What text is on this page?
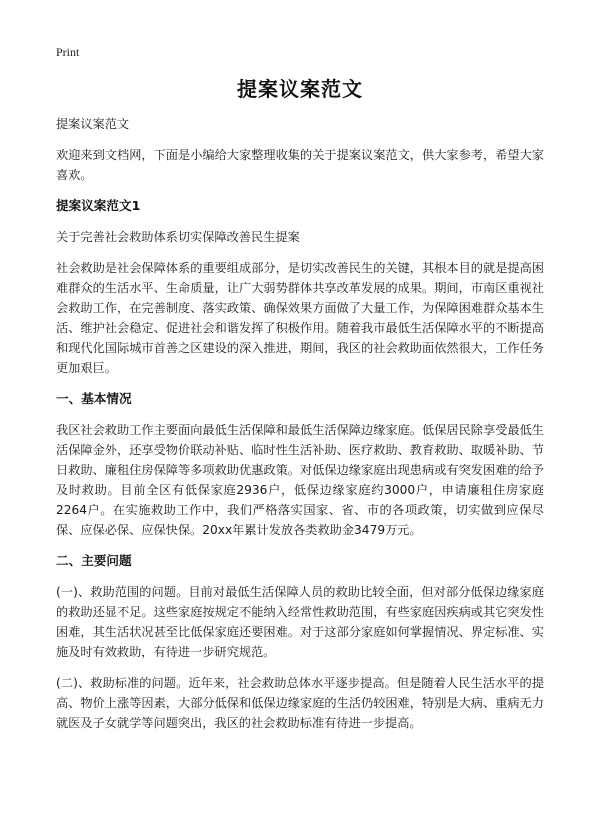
Print
提案议案范文

提案议案范文

欢迎来到文档网，下面是小编给大家整理收集的关于提案议案范文，供大家参考，希望大家喜欢。

提案议案范文1

关于完善社会救助体系切实保障改善民生提案

社会救助是社会保障体系的重要组成部分，是切实改善民生的关键，其根本目的就是提高困难群众的生活水平、生命质量，让广大弱势群体共享改革发展的成果。期间，市南区重视社会救助工作，在完善制度、落实政策、确保效果方面做了大量工作，为保障困难群众基本生活、维护社会稳定、促进社会和谐发挥了积极作用。随着我市最低生活保障水平的不断提高和现代化国际城市首善之区建设的深入推进，期间，我区的社会救助面依然很大，工作任务更加艰巨。

一、基本情况

我区社会救助工作主要面向最低生活保障和最低生活保障边缘家庭。低保居民除享受最低生活保障金外，还享受物价联动补贴、临时性生活补助、医疗救助、教育救助、取暖补助、节日救助、廉租住房保障等多项救助优惠政策。对低保边缘家庭出现患病或有突发困难的给予及时救助。目前全区有低保家庭2936户，低保边缘家庭约3000户，申请廉租住房家庭2264户。在实施救助工作中，我们严格落实国家、省、市的各项政策，切实做到应保尽保、应保必保、应保快保。20xx年累计发放各类救助金3479万元。

二、主要问题

(一)、救助范围的问题。目前对最低生活保障人员的救助比较全面，但对部分低保边缘家庭的救助还显不足。这些家庭按规定不能纳入经常性救助范围，有些家庭因疾病或其它突发性困难，其生活状况甚至比低保家庭还要困难。对于这部分家庭如何掌握情况、界定标准、实施及时有效救助，有待进一步研究规范。

(二)、救助标准的问题。近年来，社会救助总体水平逐步提高。但是随着人民生活水平的提高、物价上涨等因素，大部分低保和低保边缘家庭的生活仍较困难，特别是大病、重病无力就医及子女就学等问题突出，我区的社会救助标准有待进一步提高。
